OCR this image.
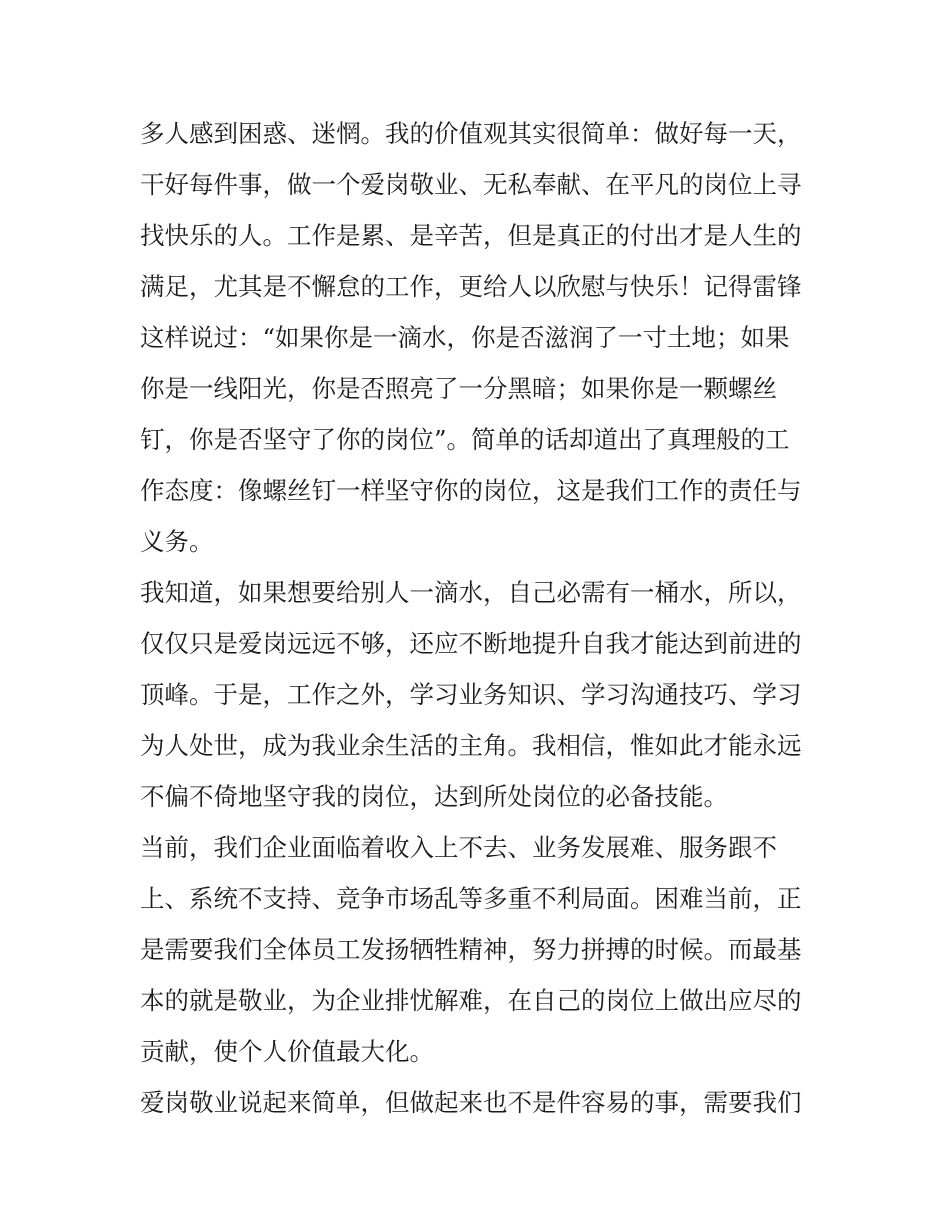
多人感到困惑、迷惘。我的价值观其实很简单：做好每一天，
干好每件事，做一个爱岗敬业、无私奉献、在平凡的岗位上寻
找快乐的人。工作是累、是辛苦，但是真正的付出才是人生的
满足，尤其是不懈怠的工作，更给人以欣慰与快乐！记得雷锋
这样说过：“如果你是一滴水，你是否滋润了一寸土地；如果
你是一线阳光，你是否照亮了一分黑暗；如果你是一颗螺丝
钉，你是否坚守了你的岗位”。简单的话却道出了真理般的工
作态度：像螺丝钉一样坚守你的岗位，这是我们工作的责任与
义务。
我知道，如果想要给别人一滴水，自己必需有一桶水，所以，
仅仅只是爱岗远远不够，还应不断地提升自我才能达到前进的
顶峰。于是，工作之外，学习业务知识、学习沟通技巧、学习
为人处世，成为我业余生活的主角。我相信，惟如此才能永远
不偏不倚地坚守我的岗位，达到所处岗位的必备技能。
当前，我们企业面临着收入上不去、业务发展难、服务跟不
上、系统不支持、竞争市场乱等多重不利局面。困难当前，正
是需要我们全体员工发扬牺牲精神，努力拼搏的时候。而最基
本的就是敬业，为企业排忧解难，在自己的岗位上做出应尽的
贡献，使个人价值最大化。
爱岗敬业说起来简单，但做起来也不是件容易的事，需要我们
